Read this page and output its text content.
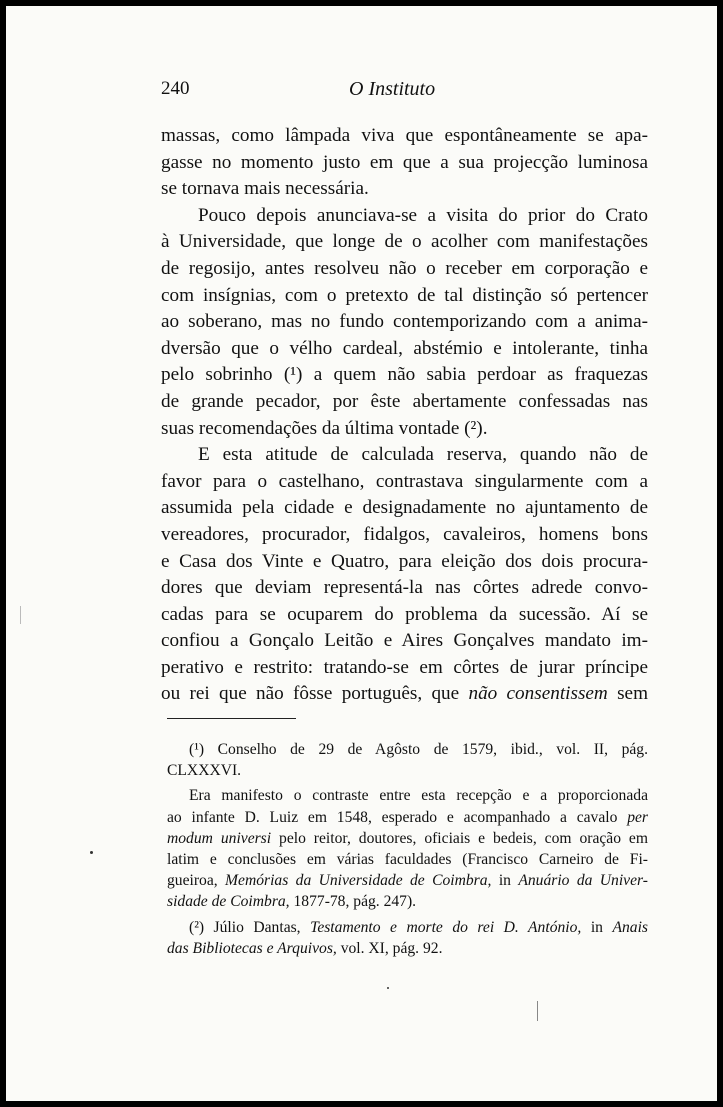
240	O Instituto
massas, como lâmpada viva que espontâneamente se apa-
gasse no momento justo em que a sua projecção luminosa
se tornava mais necessária.
Pouco depois anunciava-se a visita do prior do Crato
à Universidade, que longe de o acolher com manifestações
de regosijo, antes resolveu não o receber em corporação e
com insígnias, com o pretexto de tal distinção só pertencer
ao soberano, mas no fundo contemporizando com a anima-
dversão que o vélho cardeal, abstémio e intolerante, tinha
pelo sobrinho (¹) a quem não sabia perdoar as fraquezas
de grande pecador, por êste abertamente confessadas nas
suas recomendações da última vontade (²).
E esta atitude de calculada reserva, quando não de
favor para o castelhano, contrastava singularmente com a
assumida pela cidade e designadamente no ajuntamento de
vereadores, procurador, fidalgos, cavaleiros, homens bons
e Casa dos Vinte e Quatro, para eleição dos dois procura-
dores que deviam representá-la nas côrtes adrede convo-
cadas para se ocuparem do problema da sucessão. Aí se
confiou a Gonçalo Leitão e Aires Gonçalves mandato im-
perativo e restrito: tratando-se em côrtes de jurar príncipe
ou rei que não fôsse português, que não consentissem sem
(¹) Conselho de 29 de Agôsto de 1579, ibid., vol. II, pág.
CLXXXVI.
Era manifesto o contraste entre esta recepção e a proporcionada
ao infante D. Luiz em 1548, esperado e acompanhado a cavalo per
modum universi pelo reitor, doutores, oficiais e bedeis, com oração em
latim e conclusões em várias faculdades (Francisco Carneiro de Fi-
gueiroa, Memórias da Universidade de Coimbra, in Anuário da Univer-
sidade de Coimbra, 1877-78, pág. 247).
(²) Júlio Dantas, Testamento e morte do rei D. António, in Anais
das Bibliotecas e Arquivos, vol. XI, pág. 92.
